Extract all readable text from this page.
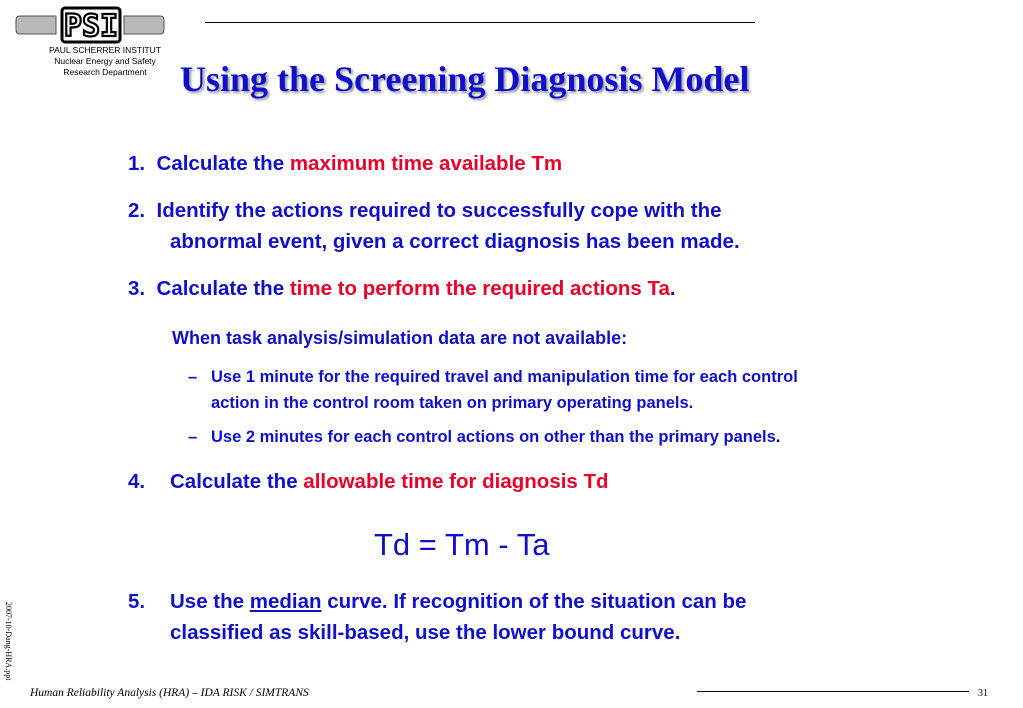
PSI
PAUL SCHERRER INSTITUT
Nuclear Energy and Safety
Research Department Using the Screening Diagnosis Model
1. Calculate the maximum time available Tm
2. Identify the actions required to successfully cope with the
abnormal event, given a correct diagnosis has been made.
3. Calculate the time to perform the required actions Ta.
When task analysis/simulation data are not available:
– Use 1 minute for the required travel and manipulation time for each control
action in the control room taken on primary operating panels.
– Use 2 minutes for each control actions on other than the primary panels.
4. Calculate the allowable time for diagnosis Td
Td = Tm - Ta
5. Use the median curve. If recognition of the situation can be
classified as skill-based, use the lower bound curve.
2007-10-Dang-HRA.ppt
Human Reliability Analysis (HRA) – IDA RISK / SIMTRANS	31
